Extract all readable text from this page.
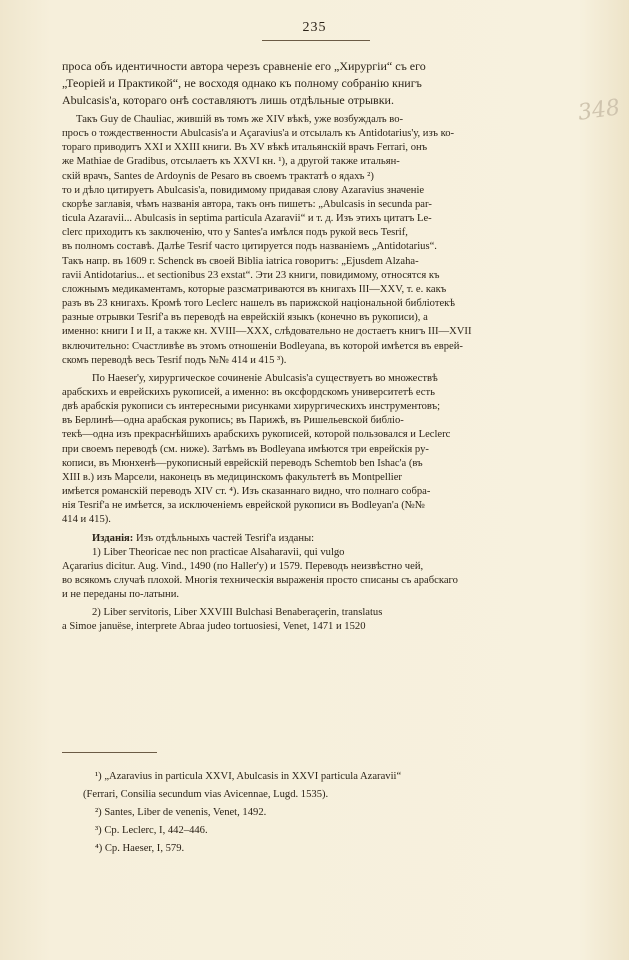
235
348
проса объ идентичности автора черезъ сравненіе его „Хирургіи“ съ его
„Теоріей и Практикой“, не восходя однако къ полному собранію книгъ
Abulcasis'а, котораго онѣ составляютъ лишь отдѣльные отрывки.
Такъ Guy de Chauliac, жившій въ томъ же XIV вѣкѣ, уже возбуждалъ во-
просъ о тождественности Abulcasis'а и Açaravius'а и отсылалъ къ Antidotarius'у, изъ ко-
тораго приводитъ XXI и XXIII книги. Въ XV вѣкѣ итальянскій врачъ Ferrari, онъ
же Mathiae de Gradibus, отсылаетъ къ XXVI кн. ¹), а другой также итальян-
скій врачъ, Santes de Ardoynis de Pesaro въ своемъ трактатѣ о ядахъ ²)
то и дѣло цитируетъ Abulcasis'а, повидимому придавая слову Azaravius значеніе
скорѣе заглавія, чѣмъ названія автора, такъ онъ пишетъ: „Abulcasis in secunda par-
ticula Azaravii... Abulcasis in septima particula Azaravii“ и т. д. Изъ этихъ цитатъ Le-
clerc приходитъ къ заключенію, что у Santes'а имѣлся подъ рукой весь Tesrif,
въ полномъ составѣ. Далѣе Tesrif часто цитируется подъ названіемъ „Antidotarius“.
Такъ напр. въ 1609 г. Schenck въ своей Biblia iatrica говоритъ: „Ejusdem Alzaha-
ravii Antidotarius... et sectionibus 23 exstat“. Эти 23 книги, повидимому, относятся къ
сложнымъ медикаментамъ, которые разсматриваются въ книгахъ III—XXV, т. е. какъ
разъ въ 23 книгахъ. Кромѣ того Leclerc нашелъ въ парижской національной библіотекѣ
разные отрывки Tesrif'а въ переводѣ на еврейскій языкъ (конечно въ рукописи), а
именно: книги I и II, а также кн. XVIII—XXX, слѣдовательно не достаетъ книгъ III—XVII
включительно: Счастливѣе въ этомъ отношеніи Bodleyana, въ которой имѣется въ еврей-
скомъ переводѣ весь Tesrif подъ №№ 414 и 415 ³).
По Haeser'у, хирургическое сочиненіе Abulcasis'а существуетъ во множествѣ
арабскихъ и еврейскихъ рукописей, а именно: въ оксфордскомъ университетѣ есть
двѣ арабскія рукописи съ интересными рисунками хирургическихъ инструментовъ;
въ Берлинѣ—одна арабская рукопись; въ Парижѣ, въ Ришельевской библіо-
текѣ—одна изъ прекраснѣйшихъ арабскихъ рукописей, которой пользовался и Leclerc
при своемъ переводѣ (см. ниже). Затѣмъ въ Bodleyana имѣются три еврейскія ру-
кописи, въ Мюнхенѣ—рукописный еврейскій переводъ Schemtob ben Ishac'а (въ
XIII в.) изъ Марсели, наконецъ въ медицинскомъ факультетѣ въ Montpellier
имѣется романскій переводъ XIV ст. ⁴). Изъ сказаннаго видно, что полнаго собра-
нія Tesrif'а не имѣется, за исключеніемъ еврейской рукописи въ Bodleyan'а (№№
414 и 415).
Изданія: Изъ отдѣльныхъ частей Tesrif'а изданы:
1) Liber Theoricae nec non practicae Alsaharavii, qui vulgo
Açararius dicitur. Aug. Vind., 1490 (по Haller'у) и 1579. Переводъ неизвѣстно чей,
во всякомъ случаѣ плохой. Многія техническія выраженія просто списаны съ арабскаго
и не переданы по-латыни.
2) Liber servitoris, Liber XXVIII Bulchasi Benaberaçerin, translatus
a Simoe januëse, interprete Abraa judeo tortuosiesi, Venet, 1471 и 1520
¹) „Azaravius in particula XXVI, Abulcasis in XXVI particula Azaravii“
(Ferrari, Consilia secundum vias Avicennae, Lugd. 1535).
²) Santes, Liber de venenis, Venet, 1492.
³) Ср. Leclerc, I, 442–446.
⁴) Ср. Haeser, I, 579.
